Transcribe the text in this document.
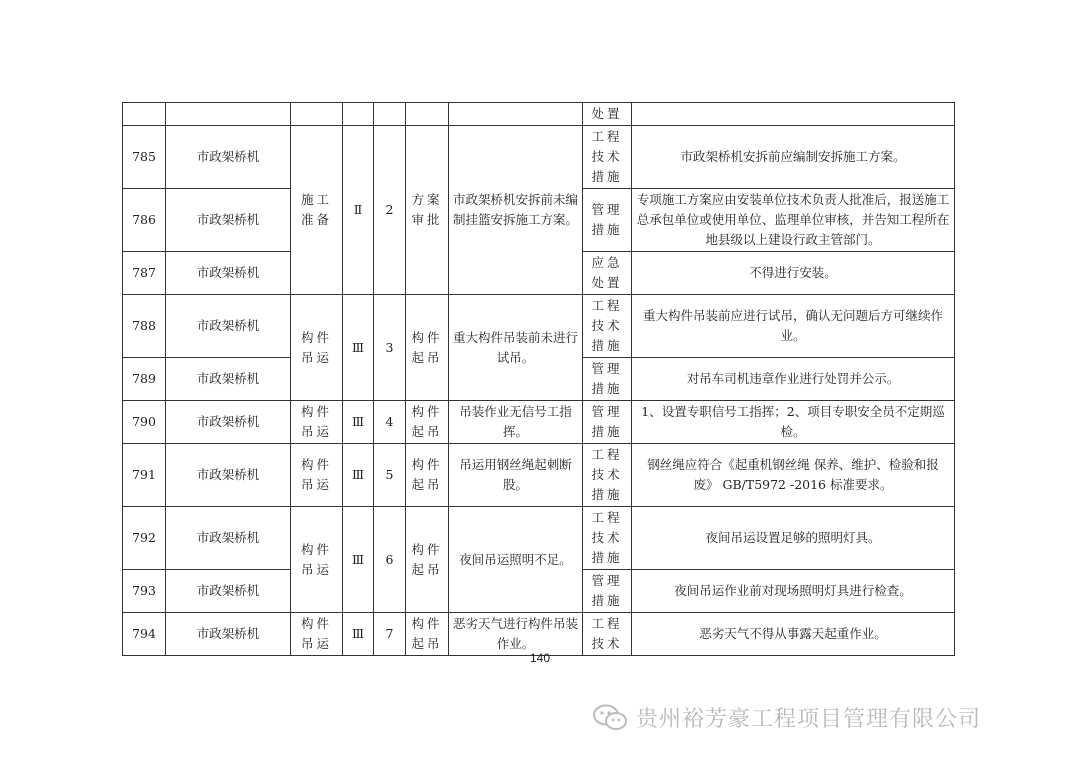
							处置	
785	市政架桥机	施工准备	Ⅱ	2	方案审批	市政架桥机安拆前未编制挂篮安拆施工方案。	工程技术措施	市政架桥机安拆前应编制安拆施工方案。
786	市政架桥机						管理措施	专项施工方案应由安装单位技术负责人批准后，报送施工总承包单位或使用单位、监理单位审核，并告知工程所在地县级以上建设行政主管部门。
787	市政架桥机						应急处置	不得进行安装。
788	市政架桥机	构件吊运	Ⅲ	3	构件起吊	重大构件吊装前未进行试吊。	工程技术措施	重大构件吊装前应进行试吊，确认无问题后方可继续作业。
789	市政架桥机						管理措施	对吊车司机违章作业进行处罚并公示。
790	市政架桥机	构件吊运	Ⅲ	4	构件起吊	吊装作业无信号工指挥。	管理措施	1、设置专职信号工指挥；2、项目专职安全员不定期巡检。
791	市政架桥机	构件吊运	Ⅲ	5	构件起吊	吊运用钢丝绳起刺断股。	工程技术措施	钢丝绳应符合《起重机钢丝绳 保养、维护、检验和报废》 GB/T5972 -2016 标准要求。
792	市政架桥机	构件吊运	Ⅲ	6	构件起吊	夜间吊运照明不足。	工程技术措施	夜间吊运设置足够的照明灯具。
793	市政架桥机						管理措施	夜间吊运作业前对现场照明灯具进行检查。
794	市政架桥机	构件吊运	Ⅲ	7	构件起吊	恶劣天气进行构件吊装作业。	工程技术	恶劣天气不得从事露天起重作业。
140
贵州裕芳豪工程项目管理有限公司
